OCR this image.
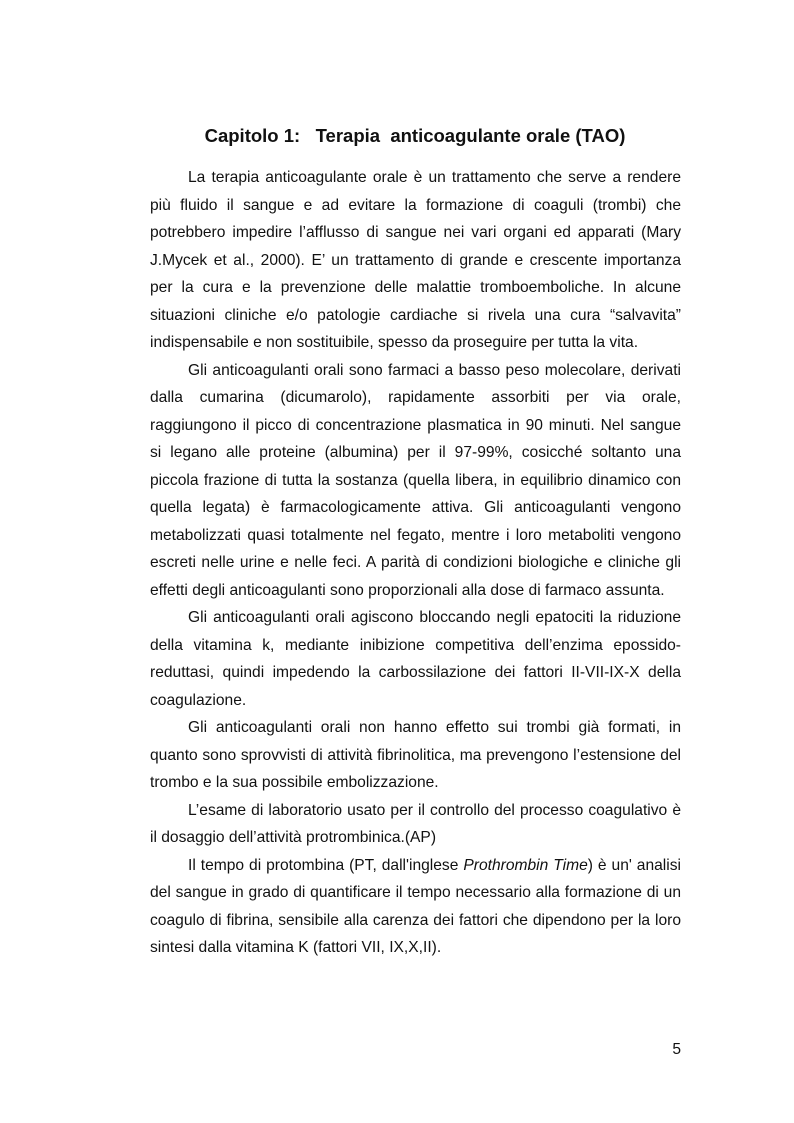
Capitolo 1:   Terapia  anticoagulante orale (TAO)

La terapia anticoagulante orale è un trattamento che serve a rendere più fluido il sangue e ad evitare la formazione di coaguli (trombi) che potrebbero impedire l’afflusso di sangue nei vari organi ed apparati (Mary J.Mycek et al., 2000). E’ un trattamento di grande e crescente importanza per la cura e la prevenzione delle malattie tromboemboliche. In alcune situazioni cliniche e/o patologie cardiache si rivela una cura “salvavita” indispensabile e non sostituibile, spesso da proseguire per tutta la vita.

Gli anticoagulanti orali sono farmaci a basso peso molecolare, derivati dalla cumarina (dicumarolo), rapidamente assorbiti per via orale, raggiungono il picco di concentrazione plasmatica in 90 minuti. Nel sangue si legano alle proteine (albumina) per il 97-99%, cosicché soltanto una piccola frazione di tutta la sostanza (quella libera, in equilibrio dinamico con quella legata) è farmacologicamente attiva. Gli anticoagulanti vengono metabolizzati quasi totalmente nel fegato, mentre i loro metaboliti vengono escreti nelle urine e nelle feci. A parità di condizioni biologiche e cliniche gli effetti degli anticoagulanti sono proporzionali alla dose di farmaco assunta.

Gli anticoagulanti orali agiscono bloccando negli epatociti la riduzione della vitamina k, mediante inibizione competitiva dell’enzima epossido-reduttasi, quindi impedendo la carbossilazione dei fattori II-VII-IX-X della coagulazione.

Gli anticoagulanti orali non hanno effetto sui trombi già formati, in quanto sono sprovvisti di attività fibrinolitica, ma prevengono l’estensione del trombo e la sua possibile embolizzazione.

L’esame di laboratorio usato per il controllo del processo coagulativo è il dosaggio dell’attività protrombinica.(AP)

Il tempo di protombina (PT, dall'inglese Prothrombin Time) è un' analisi del sangue in grado di quantificare il tempo necessario alla formazione di un coagulo di fibrina, sensibile alla carenza dei fattori che dipendono per la loro sintesi dalla vitamina K (fattori VII, IX,X,II).

5
